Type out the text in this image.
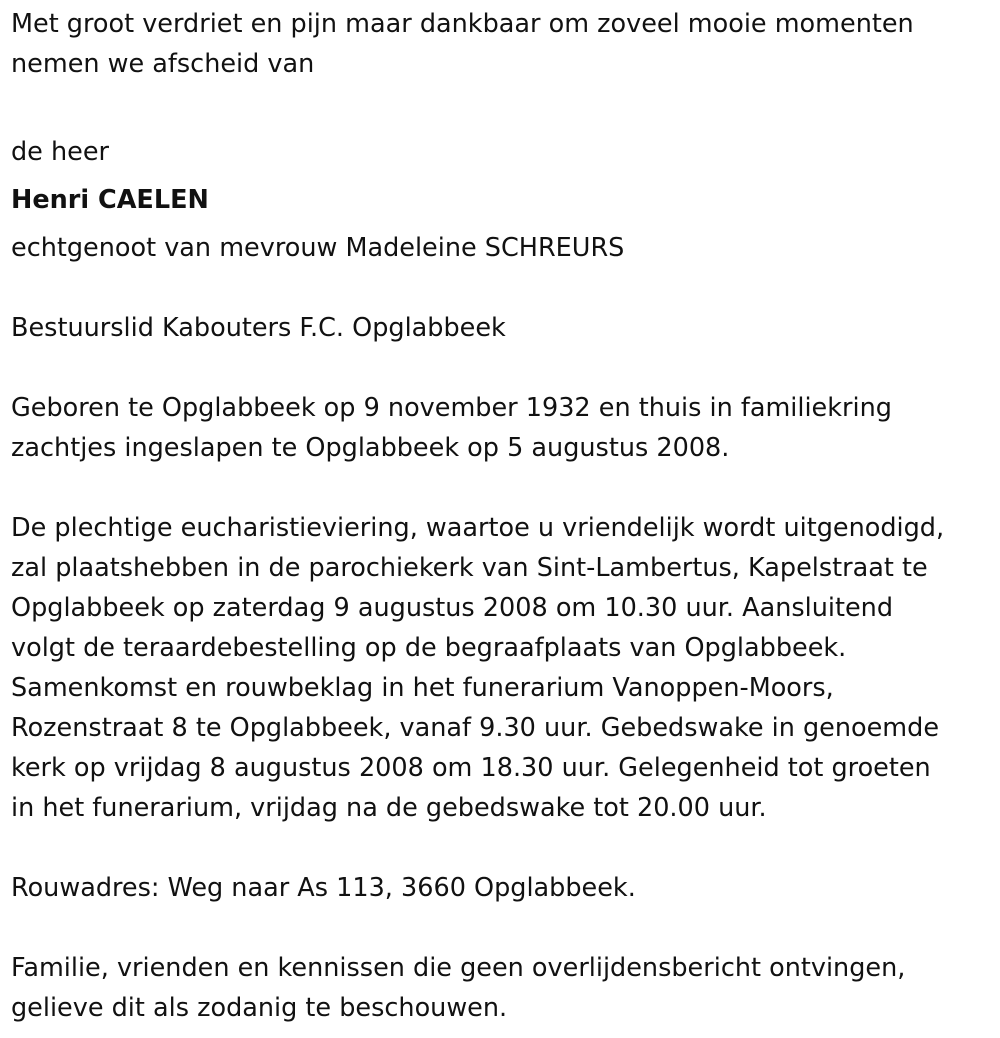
Met groot verdriet en pijn maar dankbaar om zoveel mooie momenten
nemen we afscheid van

de heer

Henri CAELEN

echtgenoot van mevrouw Madeleine SCHREURS

Bestuurslid Kabouters F.C. Opglabbeek

Geboren te Opglabbeek op 9 november 1932 en thuis in familiekring
zachtjes ingeslapen te Opglabbeek op 5 augustus 2008.

De plechtige eucharistieviering, waartoe u vriendelijk wordt uitgenodigd,
zal plaatshebben in de parochiekerk van Sint-Lambertus, Kapelstraat te
Opglabbeek op zaterdag 9 augustus 2008 om 10.30 uur. Aansluitend
volgt de teraardebestelling op de begraafplaats van Opglabbeek.
Samenkomst en rouwbeklag in het funerarium Vanoppen-Moors,
Rozenstraat 8 te Opglabbeek, vanaf 9.30 uur. Gebedswake in genoemde
kerk op vrijdag 8 augustus 2008 om 18.30 uur. Gelegenheid tot groeten
in het funerarium, vrijdag na de gebedswake tot 20.00 uur.

Rouwadres: Weg naar As 113, 3660 Opglabbeek.

Familie, vrienden en kennissen die geen overlijdensbericht ontvingen,
gelieve dit als zodanig te beschouwen.
